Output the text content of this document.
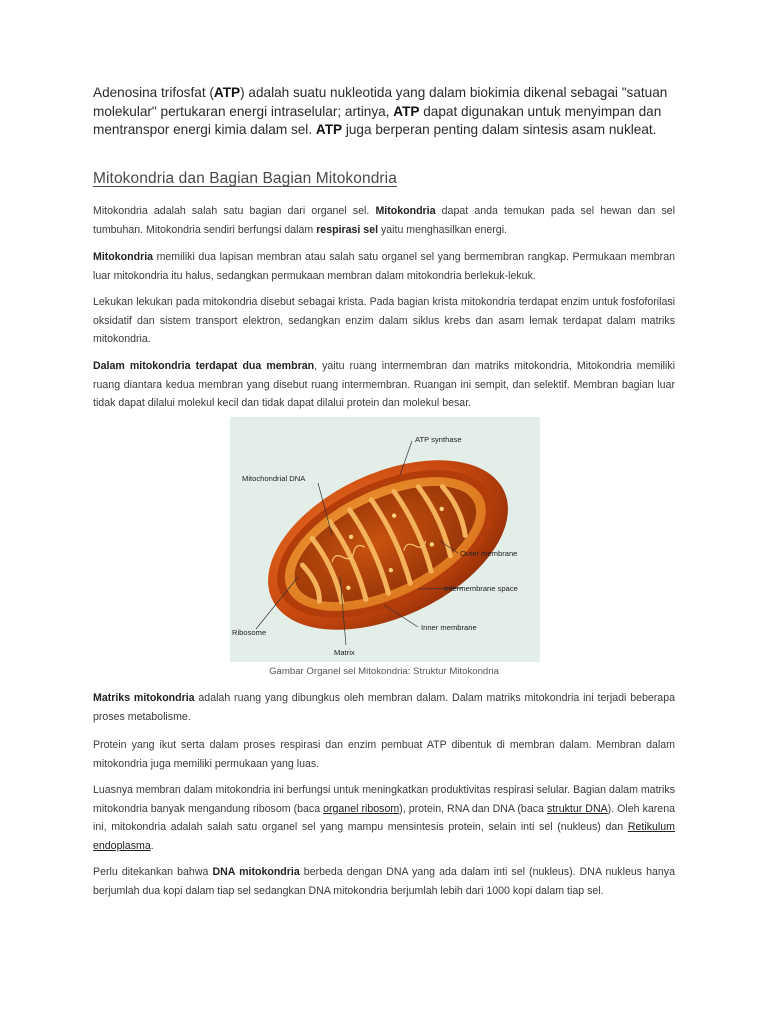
Adenosina trifosfat (ATP) adalah suatu nukleotida yang dalam biokimia dikenal sebagai "satuan molekular" pertukaran energi intraselular; artinya, ATP dapat digunakan untuk menyimpan dan mentranspor energi kimia dalam sel. ATP juga berperan penting dalam sintesis asam nukleat.

Mitokondria dan Bagian Bagian Mitokondria

Mitokondria adalah salah satu bagian dari organel sel. Mitokondria dapat anda temukan pada sel hewan dan sel tumbuhan. Mitokondria sendiri berfungsi dalam respirasi sel yaitu menghasilkan energi.

Mitokondria memiliki dua lapisan membran atau salah satu organel sel yang bermembran rangkap. Permukaan membran luar mitokondria itu halus, sedangkan permukaan membran dalam mitokondria berlekuk-lekuk.

Lekukan lekukan pada mitokondria disebut sebagai krista. Pada bagian krista mitokondria terdapat enzim untuk fosfoforilasi oksidatif dan sistem transport elektron, sedangkan enzim dalam siklus krebs dan asam lemak terdapat dalam matriks mitokondria.

Dalam mitokondria terdapat dua membran, yaitu ruang intermembran dan matriks mitokondria, Mitokondria memiliki ruang diantara kedua membran yang disebut ruang intermembran. Ruangan ini sempit, dan selektif. Membran bagian luar tidak dapat dilalui molekul kecil dan tidak dapat dilalui protein dan molekul besar.

ATP synthase
Mitochondrial DNA
Outer membrane
Intermembrane space
Inner membrane
Ribosome
Matrix

Gambar Organel sel Mitokondria: Struktur Mitokondria

Matriks mitokondria adalah ruang yang dibungkus oleh membran dalam. Dalam matriks mitokondria ini terjadi beberapa proses metabolisme.

Protein yang ikut serta dalam proses respirasi dan enzim pembuat ATP dibentuk di membran dalam. Membran dalam mitokondria juga memiliki permukaan yang luas.

Luasnya membran dalam mitokondria ini berfungsi untuk meningkatkan produktivitas respirasi selular. Bagian dalam matriks mitokondria banyak mengandung ribosom (baca organel ribosom), protein, RNA dan DNA (baca struktur DNA). Oleh karena ini, mitokondria adalah salah satu organel sel yang mampu mensintesis protein, selain inti sel (nukleus) dan Retikulum endoplasma.

Perlu ditekankan bahwa DNA mitokondria berbeda dengan DNA yang ada dalam inti sel (nukleus). DNA nukleus hanya berjumlah dua kopi dalam tiap sel sedangkan DNA mitokondria berjumlah lebih dari 1000 kopi dalam tiap sel.
